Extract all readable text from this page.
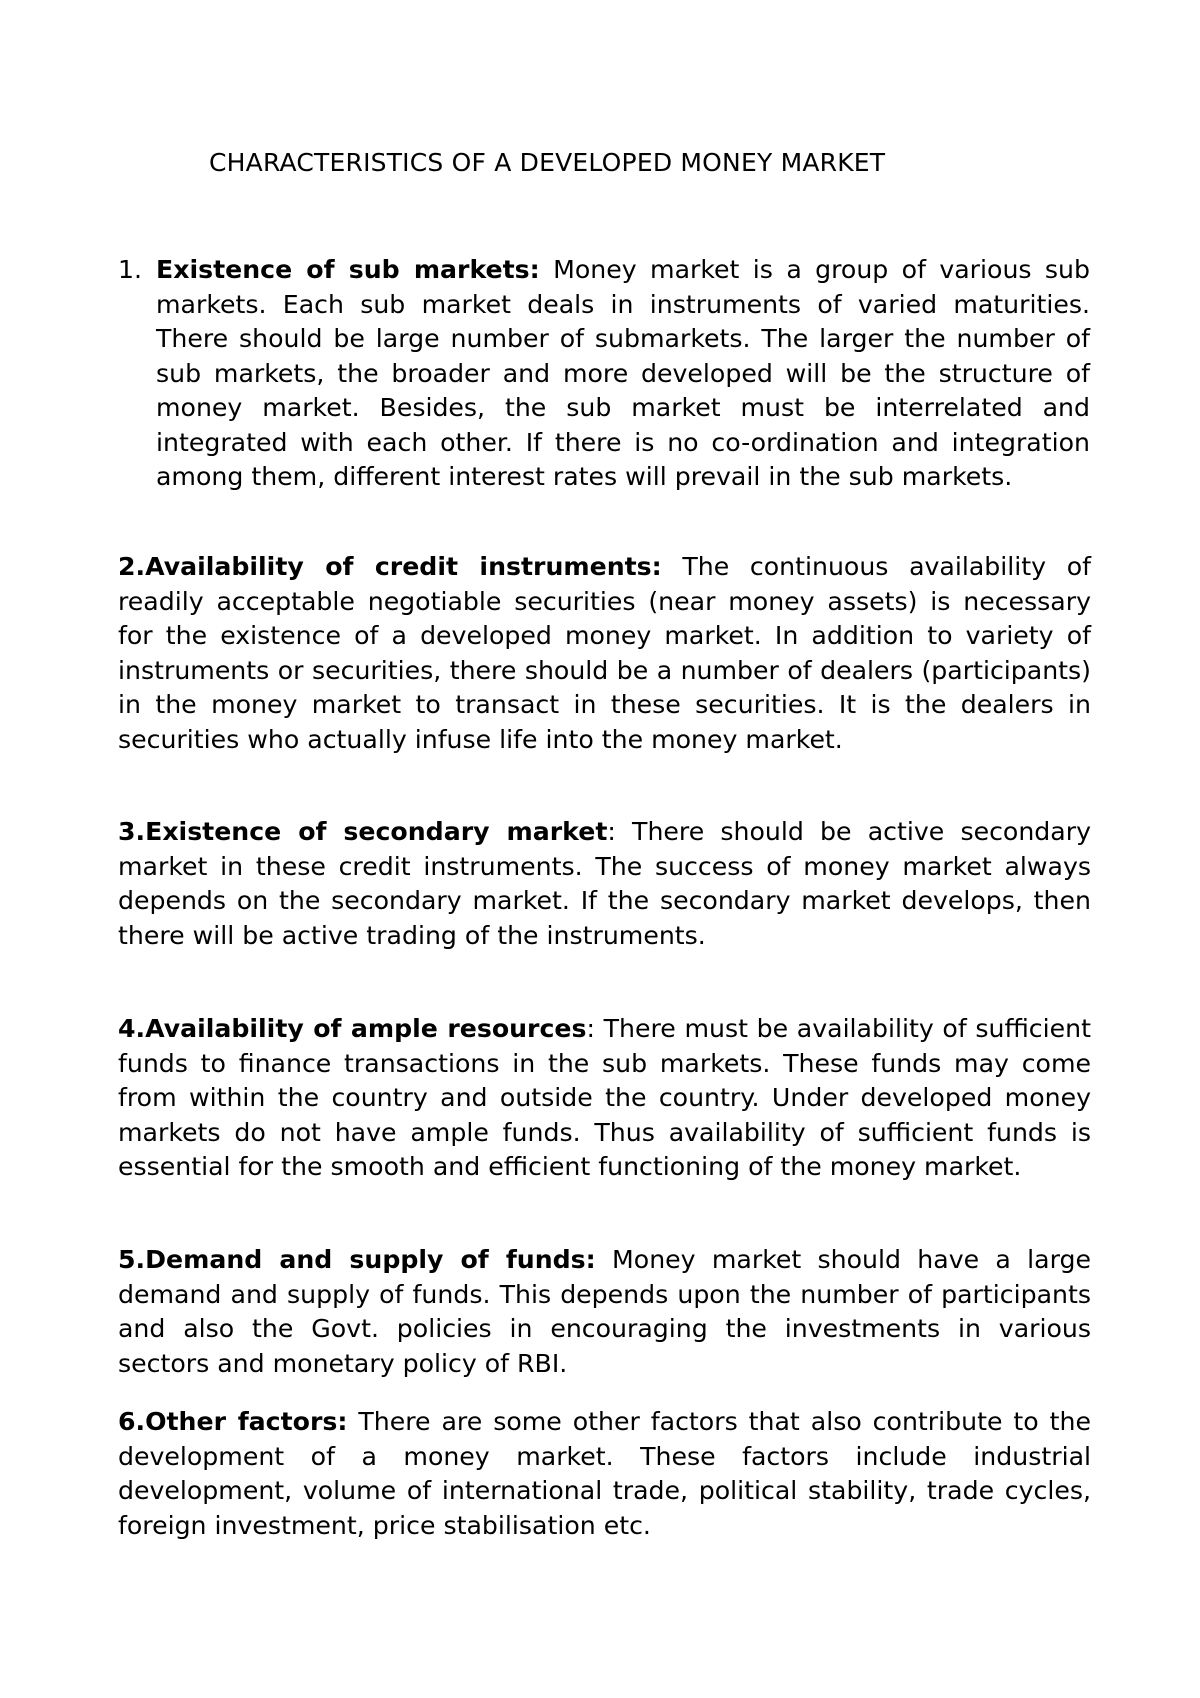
CHARACTERISTICS OF A DEVELOPED MONEY MARKET

1. Existence of sub markets: Money market is a group of various sub markets. Each sub market deals in instruments of varied maturities. There should be large number of submarkets. The larger the number of sub markets, the broader and more developed will be the structure of money market. Besides, the sub market must be interrelated and integrated with each other. If there is no co-ordination and integration among them, different interest rates will prevail in the sub markets.

2.Availability of credit instruments: The continuous availability of readily acceptable negotiable securities (near money assets) is necessary for the existence of a developed money market. In addition to variety of instruments or securities, there should be a number of dealers (participants) in the money market to transact in these securities. It is the dealers in securities who actually infuse life into the money market.

3.Existence of secondary market: There should be active secondary market in these credit instruments. The success of money market always depends on the secondary market. If the secondary market develops, then there will be active trading of the instruments.

4.Availability of ample resources: There must be availability of sufficient funds to finance transactions in the sub markets. These funds may come from within the country and outside the country. Under developed money markets do not have ample funds. Thus availability of sufficient funds is essential for the smooth and efficient functioning of the money market.

5.Demand and supply of funds: Money market should have a large demand and supply of funds. This depends upon the number of participants and also the Govt. policies in encouraging the investments in various sectors and monetary policy of RBI.

6.Other factors: There are some other factors that also contribute to the development of a money market. These factors include industrial development, volume of international trade, political stability, trade cycles, foreign investment, price stabilisation etc.
